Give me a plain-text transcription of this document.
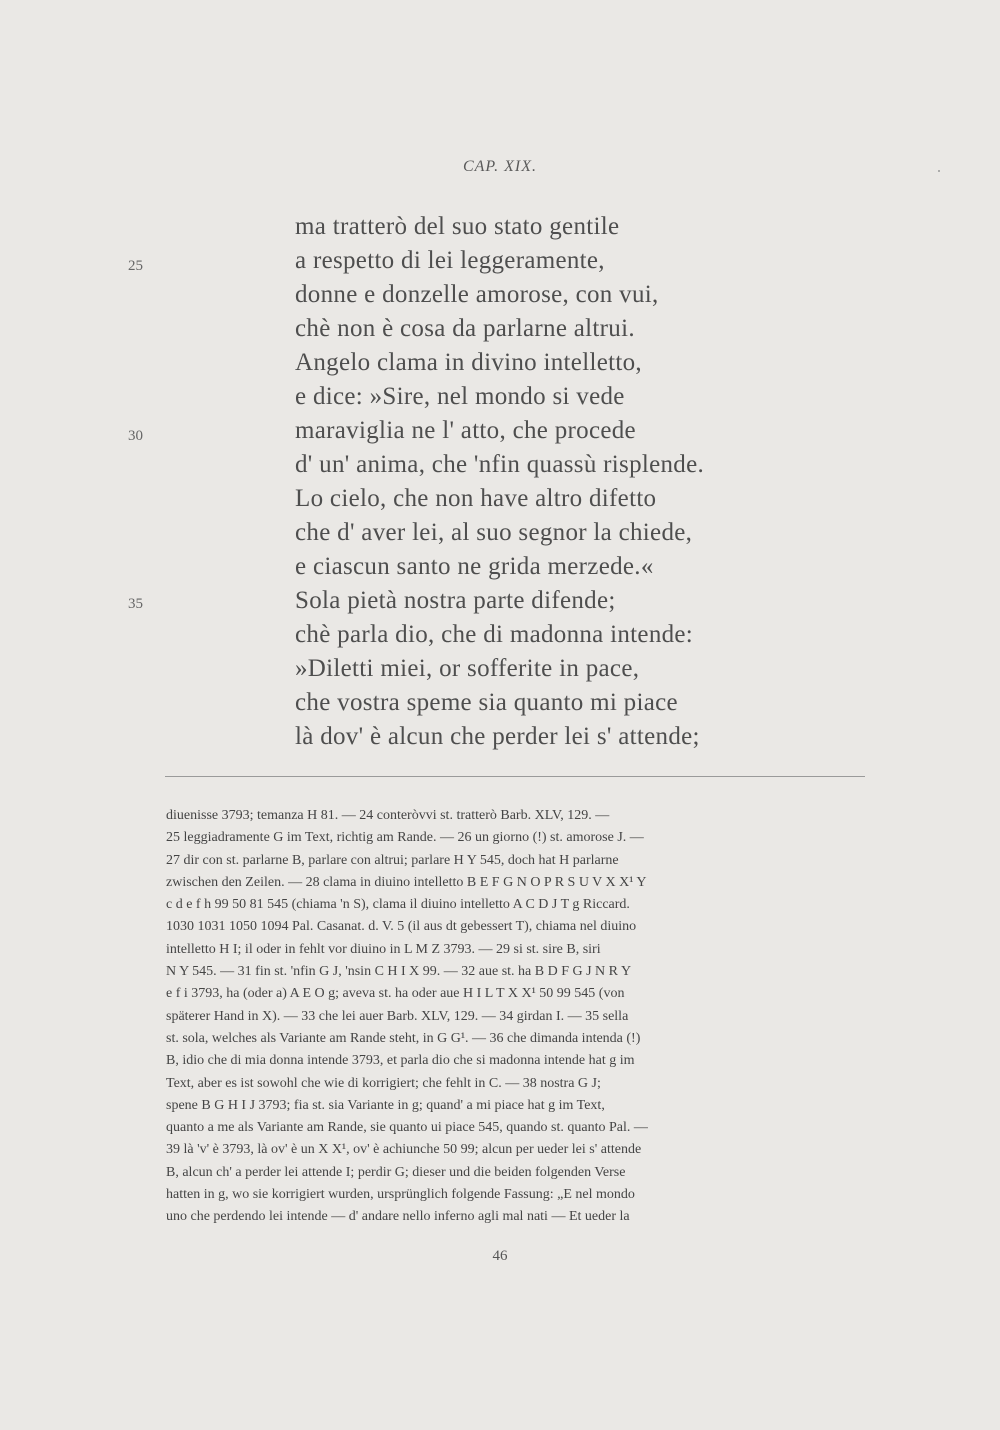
CAP. XIX.
ma tratterò del suo stato gentile
a respetto di lei leggeramente,
donne e donzelle amorose, con vui,
chè non è cosa da parlarne altrui.
Angelo clama in divino intelletto,
e dice: »Sire, nel mondo si vede
maraviglia ne l' atto, che procede
d' un' anima, che 'nfin quassù risplende.
Lo cielo, che non have altro difetto
che d' aver lei, al suo segnor la chiede,
e ciascun santo ne grida merzede.«
Sola pietà nostra parte difende;
chè parla dio, che di madonna intende:
»Diletti miei, or sofferite in pace,
che vostra speme sia quanto mi piace
là dov' è alcun che perder lei s' attende;
25
30
35
diuenisse 3793; temanza H 81. — 24 conteròvvi st. tratterò Barb. XLV, 129. —
25 leggiadramente G im Text, richtig am Rande. — 26 un giorno (!) st. amorose J. —
27 dir con st. parlarne B, parlare con altrui; parlare H Y 545, doch hat H parlarne
zwischen den Zeilen. — 28 clama in diuino intelletto B E F G N O P R S U V X X¹ Y
c d e f h 99 50 81 545 (chiama 'n S), clama il diuino intelletto A C D J T g Riccard.
1030 1031 1050 1094 Pal. Casanat. d. V. 5 (il aus dt gebessert T), chiama nel diuino
intelletto H I; il oder in fehlt vor diuino in L M Z 3793. — 29 si st. sire B, siri
N Y 545. — 31 fin st. 'nfin G J, 'nsin C H I X 99. — 32 aue st. ha B D F G J N R Y
e f i 3793, ha (oder a) A E O g; aveva st. ha oder aue H I L T X X¹ 50 99 545 (von
späterer Hand in X). — 33 che lei auer Barb. XLV, 129. — 34 girdan I. — 35 sella
st. sola, welches als Variante am Rande steht, in G G¹. — 36 che dimanda intenda (!)
B, idio che di mia donna intende 3793, et parla dio che si madonna intende hat g im
Text, aber es ist sowohl che wie di korrigiert; che fehlt in C. — 38 nostra G J;
spene B G H I J 3793; fia st. sia Variante in g; quand' a mi piace hat g im Text,
quanto a me als Variante am Rande, sie quanto ui piace 545, quando st. quanto Pal. —
39 là 'v' è 3793, là ov' è un X X¹, ov' è achiunche 50 99; alcun per ueder lei s' attende
B, alcun ch' a perder lei attende I; perdir G; dieser und die beiden folgenden Verse
hatten in g, wo sie korrigiert wurden, ursprünglich folgende Fassung: „E nel mondo
uno che perdendo lei intende — d' andare nello inferno agli mal nati — Et ueder la
46
